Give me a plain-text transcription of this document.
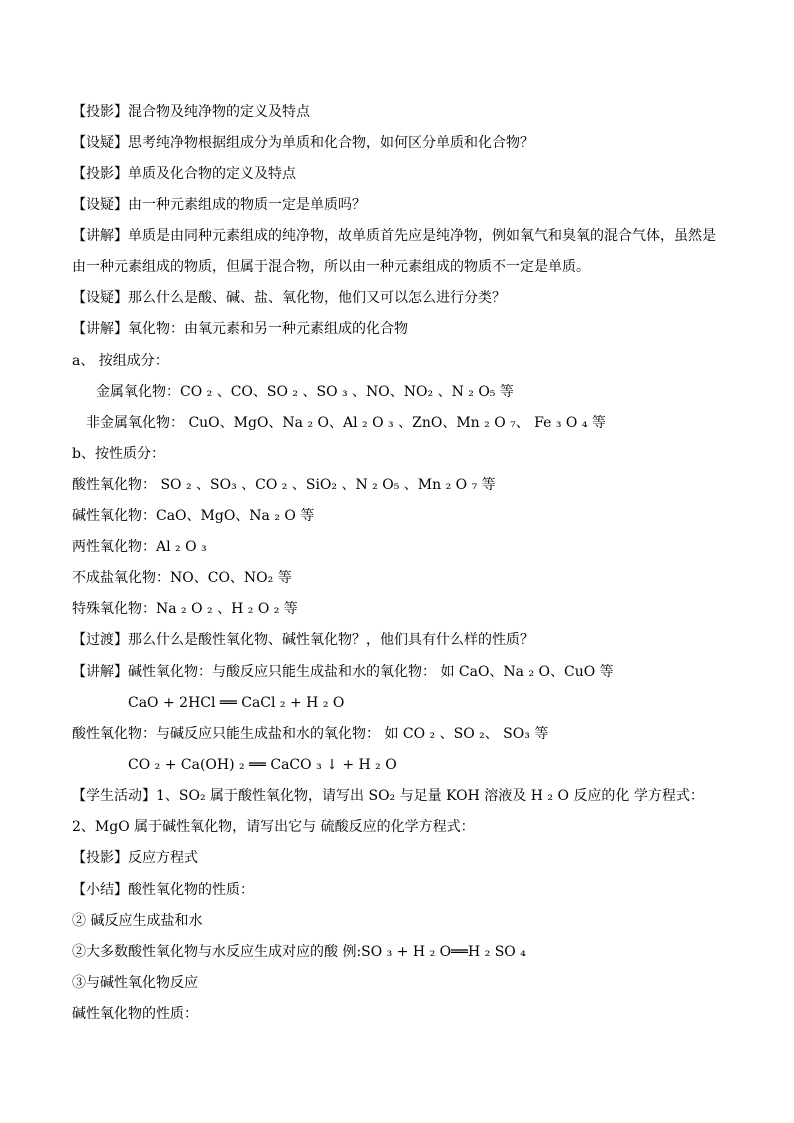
【投影】混合物及纯净物的定义及特点
【设疑】思考纯净物根据组成分为单质和化合物，如何区分单质和化合物？
【投影】单质及化合物的定义及特点
【设疑】由一种元素组成的物质一定是单质吗？
【讲解】单质是由同种元素组成的纯净物，故单质首先应是纯净物，例如氧气和臭氧的混合气体，虽然是由一种元素组成的物质，但属于混合物，所以由一种元素组成的物质不一定是单质。
【设疑】那么什么是酸、碱、盐、氧化物，他们又可以怎么进行分类？
【讲解】氧化物：由氧元素和另一种元素组成的化合物
a、 按组成分：
金属氧化物：CO ₂ 、CO、SO ₂ 、SO ₃ 、NO、NO₂ 、N ₂ O₅ 等
非金属氧化物： CuO、MgO、Na ₂ O、Al ₂ O ₃ 、ZnO、Mn ₂ O ₇、 Fe ₃ O ₄ 等
b、按性质分：
酸性氧化物： SO ₂ 、SO₃ 、CO ₂ 、SiO₂ 、N ₂ O₅ 、Mn ₂ O ₇ 等
碱性氧化物：CaO、MgO、Na ₂ O 等
两性氧化物：Al ₂ O ₃
不成盐氧化物：NO、CO、NO₂ 等
特殊氧化物：Na ₂ O ₂ 、H ₂ O ₂ 等
【过渡】那么什么是酸性氧化物、碱性氧化物？，他们具有什么样的性质？
【讲解】碱性氧化物：与酸反应只能生成盐和水的氧化物： 如 CaO、Na ₂ O、CuO 等
CaO + 2HCl ══ CaCl ₂ + H ₂ O
酸性氧化物：与碱反应只能生成盐和水的氧化物： 如 CO ₂ 、SO ₂、 SO₃ 等
CO ₂ + Ca(OH) ₂ ══ CaCO ₃ ↓ + H ₂ O
【学生活动】1、SO₂ 属于酸性氧化物，请写出 SO₂ 与足量 KOH 溶液及 H ₂ O 反应的化 学方程式：
2、MgO 属于碱性氧化物，请写出它与 硫酸反应的化学方程式：
【投影】反应方程式
【小结】酸性氧化物的性质：
② 碱反应生成盐和水
②大多数酸性氧化物与水反应生成对应的酸 例:SO ₃ + H ₂ O══H ₂ SO ₄
③与碱性氧化物反应
碱性氧化物的性质：
